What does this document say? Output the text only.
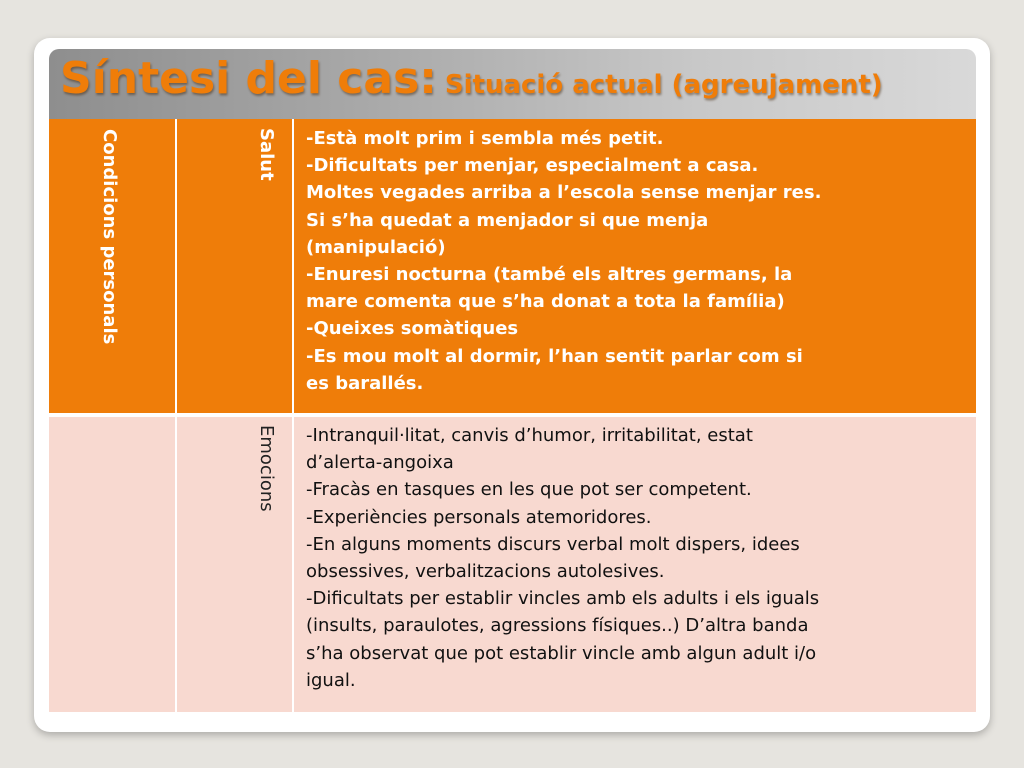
Síntesi del cas: Situació actual (agreujament)
Condicions personals	Salut -Està molt prim i sembla més petit.
-Dificultats per menjar, especialment a casa.
Moltes vegades arriba a l’escola sense menjar res.
Si s’ha quedat a menjador si que menja
(manipulació)
-Enuresi nocturna (també els altres germans, la
mare comenta que s’ha donat a tota la família)
-Queixes somàtiques
-Es mou molt al dormir, l’han sentit parlar com si
es barallés.
Emocions -Intranquil·litat, canvis d’humor, irritabilitat, estat
d’alerta-angoixa
-Fracàs en tasques en les que pot ser competent.
-Experiències personals atemoridores.
-En alguns moments discurs verbal molt dispers, idees
obsessives, verbalitzacions autolesives.
-Dificultats per establir vincles amb els adults i els iguals
(insults, paraulotes, agressions físiques..) D’altra banda
s’ha observat que pot establir vincle amb algun adult i/o
igual.
